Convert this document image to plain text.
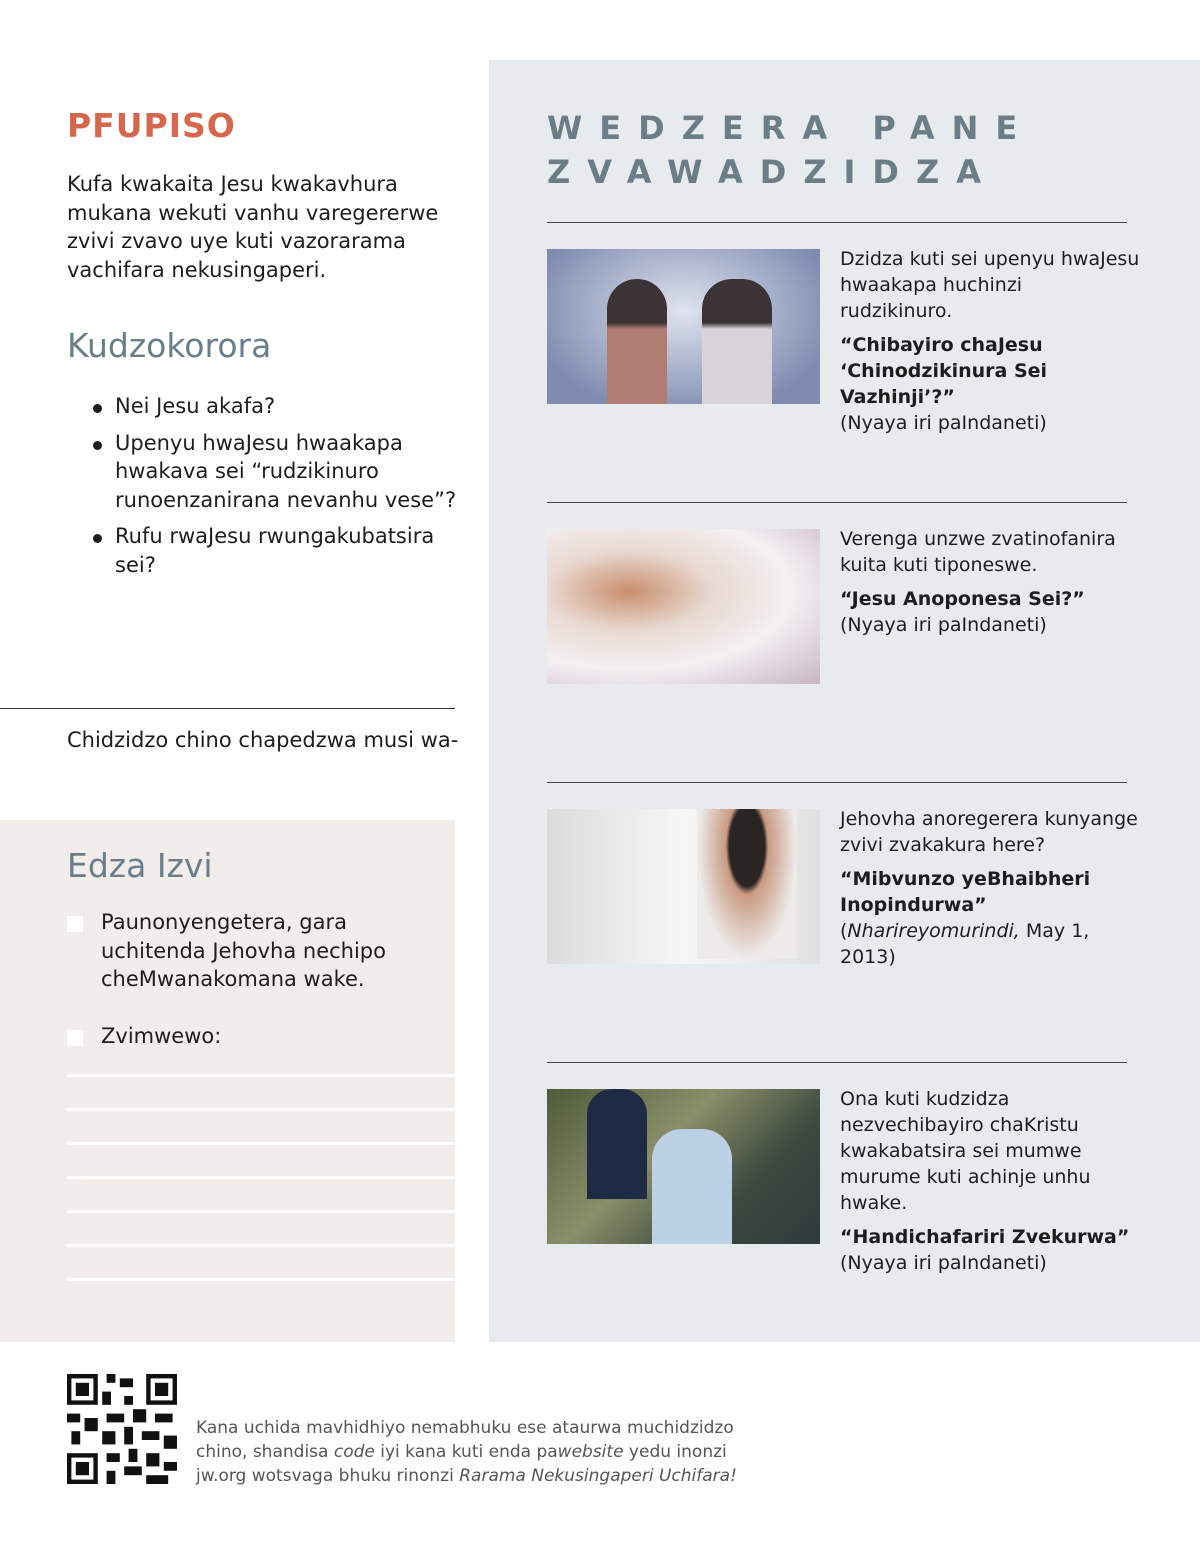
PFUPISO

Kufa kwakaita Jesu kwakavhura mukana wekuti vanhu varegererwe zvivi zvavo uye kuti vazorarama vachifara nekusingaperi.

Kudzokorora
Nei Jesu akafa?
Upenyu hwaJesu hwaakapa hwakava sei “rudzikinuro runoenzanirana nevanhu vese”?
Rufu rwaJesu rwungakubatsira sei?
Chidzidzo chino chapedzwa musi wa-
Edza Izvi
Paunonyengetera, gara uchitenda Jehovha nechipo cheMwanakomana wake.
Zvimwewo:
WEDZERA PANE
ZVAWADZIDZA
Dzidza kuti sei upenyu hwaJesu hwaakapa huchinzi rudzikinuro.
“Chibayiro chaJesu ‘Chinodzikinura Sei Vazhinji’?”
(Nyaya iri paIndaneti)
Verenga unzwe zvatinofanira kuita kuti tiponeswe.
“Jesu Anoponesa Sei?”
(Nyaya iri paIndaneti)
Jehovha anoregerera kunyange zvivi zvakakura here?
“Mibvunzo yeBhaibheri Inopindurwa” (Nharireyomurindi, May 1, 2013)
Ona kuti kudzidza nezvechibayiro chaKristu kwakabatsira sei mumwe murume kuti achinje unhu hwake.
“Handichafariri Zvekurwa”
(Nyaya iri paIndaneti)

Kana uchida mavhidhiyo nemabhuku ese ataurwa muchidzidzo chino, shandisa code iyi kana kuti enda pawebsite yedu inonzi jw.org wotsvaga bhuku rinonzi Rarama Nekusingaperi Uchifara!
